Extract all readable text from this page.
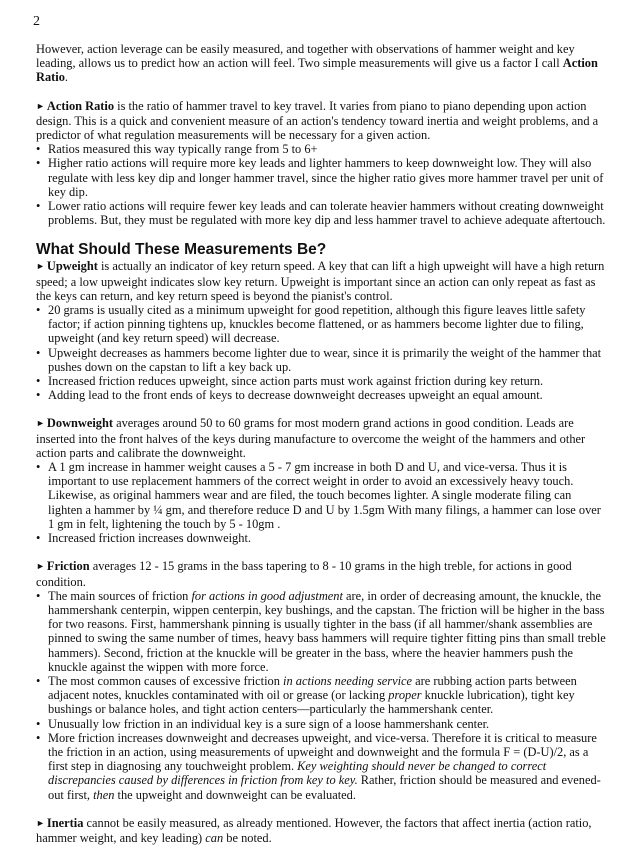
2

However, action leverage can be easily measured, and together with observations of hammer weight and key leading, allows us to predict how an action will feel. Two simple measurements will give us a factor I call Action Ratio.

► Action Ratio is the ratio of hammer travel to key travel. It varies from piano to piano depending upon action design. This is a quick and convenient measure of an action's tendency toward inertia and weight problems, and a predictor of what regulation measurements will be necessary for a given action.

• Ratios measured this way typically range from 5 to 6+
• Higher ratio actions will require more key leads and lighter hammers to keep downweight low. They will also regulate with less key dip and longer hammer travel, since the higher ratio gives more hammer travel per unit of key dip.
• Lower ratio actions will require fewer key leads and can tolerate heavier hammers without creating downweight problems. But, they must be regulated with more key dip and less hammer travel to achieve adequate aftertouch.
What Should These Measurements Be?

► Upweight is actually an indicator of key return speed. A key that can lift a high upweight will have a high return speed; a low upweight indicates slow key return. Upweight is important since an action can only repeat as fast as the keys can return, and key return speed is beyond the pianist's control.

• 20 grams is usually cited as a minimum upweight for good repetition, although this figure leaves little safety factor; if action pinning tightens up, knuckles become flattened, or as hammers become lighter due to filing, upweight (and key return speed) will decrease.
• Upweight decreases as hammers become lighter due to wear, since it is primarily the weight of the hammer that pushes down on the capstan to lift a key back up.
• Increased friction reduces upweight, since action parts must work against friction during key return.
• Adding lead to the front ends of keys to decrease downweight decreases upweight an equal amount.

► Downweight averages around 50 to 60 grams for most modern grand actions in good condition. Leads are inserted into the front halves of the keys during manufacture to overcome the weight of the hammers and other action parts and calibrate the downweight.

• A 1 gm increase in hammer weight causes a 5 - 7 gm increase in both D and U, and vice-versa. Thus it is important to use replacement hammers of the correct weight in order to avoid an excessively heavy touch. Likewise, as original hammers wear and are filed, the touch becomes lighter. A single moderate filing can lighten a hammer by ¼ gm, and therefore reduce D and U by 1.5gm With many filings, a hammer can lose over 1 gm in felt, lightening the touch by 5 - 10gm .
• Increased friction increases downweight.

► Friction averages 12 - 15 grams in the bass tapering to 8 - 10 grams in the high treble, for actions in good condition.

• The main sources of friction for actions in good adjustment are, in order of decreasing amount, the knuckle, the hammershank centerpin, wippen centerpin, key bushings, and the capstan. The friction will be higher in the bass for two reasons. First, hammershank pinning is usually tighter in the bass (if all hammer/shank assemblies are pinned to swing the same number of times, heavy bass hammers will require tighter fitting pins than small treble hammers). Second, friction at the knuckle will be greater in the bass, where the heavier hammers push the knuckle against the wippen with more force.
• The most common causes of excessive friction in actions needing service are rubbing action parts between adjacent notes, knuckles contaminated with oil or grease (or lacking proper knuckle lubrication), tight key bushings or balance holes, and tight action centers—particularly the hammershank center.
• Unusually low friction in an individual key is a sure sign of a loose hammershank center.
• More friction increases downweight and decreases upweight, and vice-versa. Therefore it is critical to measure the friction in an action, using measurements of upweight and downweight and the formula F = (D-U)/2, as a first step in diagnosing any touchweight problem. Key weighting should never be changed to correct discrepancies caused by differences in friction from key to key. Rather, friction should be measured and evened-out first, then the upweight and downweight can be evaluated.

► Inertia cannot be easily measured, as already mentioned. However, the factors that affect inertia (action ratio, hammer weight, and key leading) can be noted.
